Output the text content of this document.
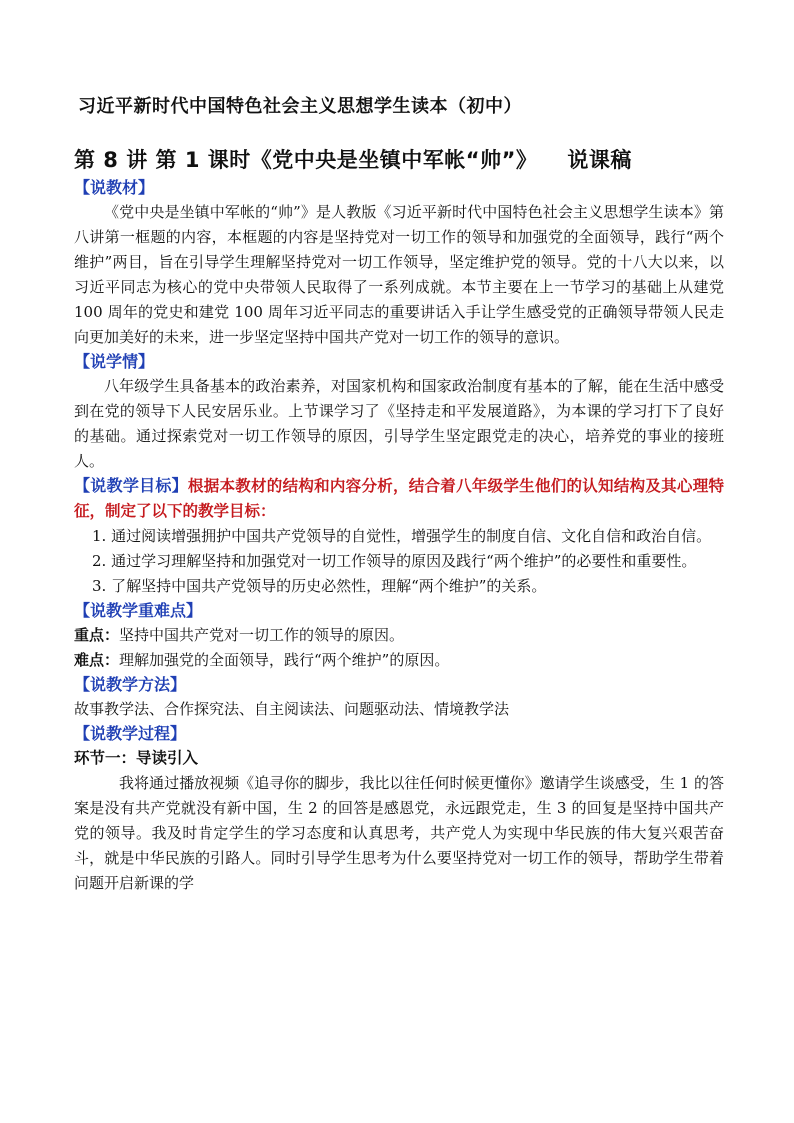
习近平新时代中国特色社会主义思想学生读本（初中）
第 8 讲 第 1 课时《党中央是坐镇中军帐“帅”》 说课稿
【说教材】

《党中央是坐镇中军帐的“帅”》是人教版《习近平新时代中国特色社会主义思想学生读本》第八讲第一框题的内容，本框题的内容是坚持党对一切工作的领导和加强党的全面领导，践行“两个维护”两目，旨在引导学生理解坚持党对一切工作领导，坚定维护党的领导。党的十八大以来，以习近平同志为核心的党中央带领人民取得了一系列成就。本节主要在上一节学习的基础上从建党 100 周年的党史和建党 100 周年习近平同志的重要讲话入手让学生感受党的正确领导带领人民走向更加美好的未来，进一步坚定坚持中国共产党对一切工作的领导的意识。

【说学情】

八年级学生具备基本的政治素养，对国家机构和国家政治制度有基本的了解，能在生活中感受到在党的领导下人民安居乐业。上节课学习了《坚持走和平发展道路》，为本课的学习打下了良好的基础。通过探索党对一切工作领导的原因，引导学生坚定跟党走的决心，培养党的事业的接班人。

【说教学目标】根据本教材的结构和内容分析，结合着八年级学生他们的认知结构及其心理特征，制定了以下的教学目标：

1. 通过阅读增强拥护中国共产党领导的自觉性，增强学生的制度自信、文化自信和政治自信。

2. 通过学习理解坚持和加强党对一切工作领导的原因及践行“两个维护”的必要性和重要性。

3. 了解坚持中国共产党领导的历史必然性，理解“两个维护”的关系。

【说教学重难点】

重点：坚持中国共产党对一切工作的领导的原因。

难点：理解加强党的全面领导，践行“两个维护”的原因。

【说教学方法】

故事教学法、合作探究法、自主阅读法、问题驱动法、情境教学法

【说教学过程】
环节一：导读引入

我将通过播放视频《追寻你的脚步，我比以往任何时候更懂你》邀请学生谈感受，生 1 的答案是没有共产党就没有新中国，生 2 的回答是感恩党，永远跟党走，生 3 的回复是坚持中国共产党的领导。我及时肯定学生的学习态度和认真思考，共产党人为实现中华民族的伟大复兴艰苦奋斗，就是中华民族的引路人。同时引导学生思考为什么要坚持党对一切工作的领导，帮助学生带着问题开启新课的学
